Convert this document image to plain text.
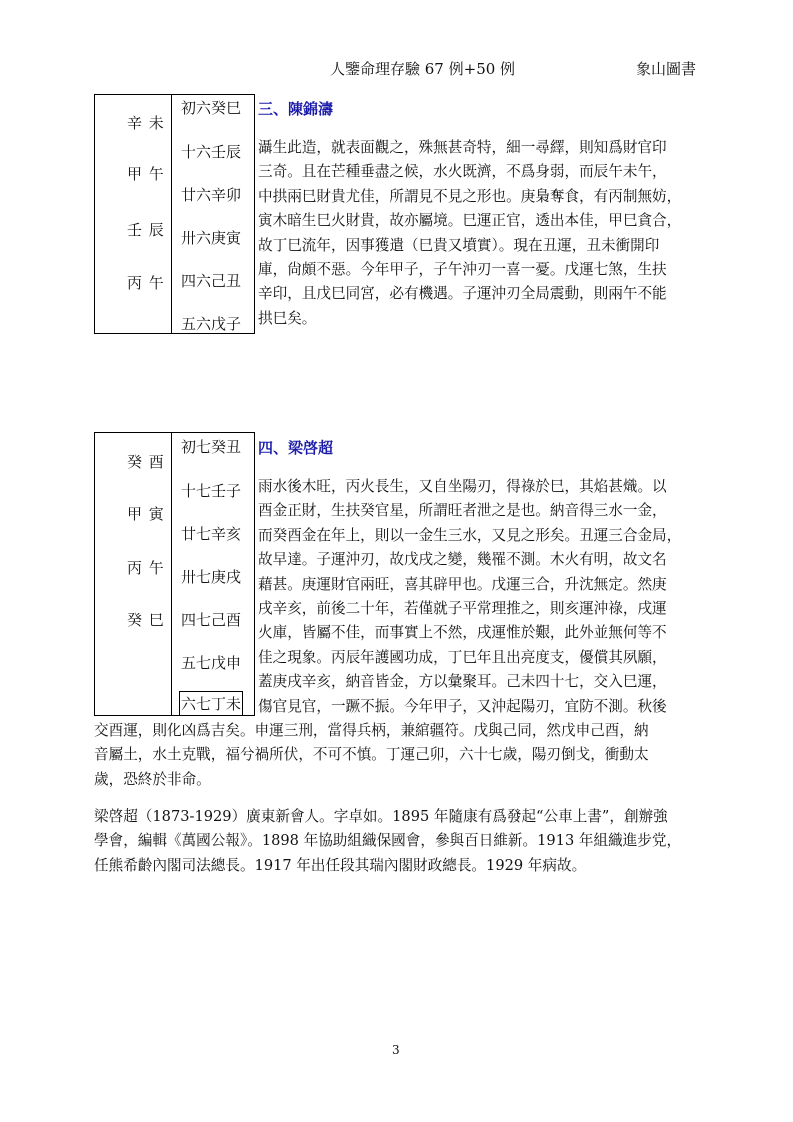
人鑒命理存驗 67 例+50 例	象山圖書
辛 未
甲 午
壬 辰
丙 午
初六癸巳
十六壬辰
廿六辛卯
卅六庚寅
四六己丑
五六戊子
三、陳錦濤
灄生此造，就表面觀之，殊無甚奇特，細一尋繹，則知爲財官印
三奇。且在芒種垂盡之候，水火既濟，不爲身弱，而辰午未午，
中拱兩巳財貴尤佳，所謂見不見之形也。庚梟奪食，有丙制無妨，
寅木暗生巳火財貴，故亦屬境。巳運正官，透出本佳，甲巳貪合，
故丁巳流年，因事獲遣（巳貴又墳實）。現在丑運，丑未衝開印
庫，尙頗不惡。今年甲子，子午沖刃一喜一憂。戊運七煞，生扶
辛印，且戊巳同宮，必有機遇。子運沖刃全局震動，則兩午不能
拱巳矣。
癸 酉
甲 寅
丙 午
癸 巳
初七癸丑
十七壬子
廿七辛亥
卅七庚戌
四七己酉
五七戊申
六七丁未
四、梁啓超
雨水後木旺，丙火長生，又自坐陽刃，得祿於巳，其焰甚熾。以
酉金正財，生扶癸官星，所謂旺者泄之是也。納音得三水一金，
而癸酉金在年上，則以一金生三水，又見之形矣。丑運三合金局，
故早達。子運沖刃，故戊戌之變，幾罹不測。木火有明，故文名
藉甚。庚運財官兩旺，喜其辟甲也。戊運三合，升沈無定。然庚
戌辛亥，前後二十年，若僅就子平常理推之，則亥運沖祿，戌運
火庫，皆屬不佳，而事實上不然，戌運惟於艱，此外並無何等不
佳之現象。丙辰年護國功成，丁巳年且出亮度支，優償其夙願，
蓋庚戌辛亥，納音皆金，方以彙聚耳。己未四十七，交入巳運，
傷官見官，一蹶不振。今年甲子，又沖起陽刃，宜防不測。秋後
交酉運，則化凶爲吉矣。申運三刑，當得兵柄，兼綰疆符。戊與己同，然戊申己酉，納
音屬土，水土克戰，福兮禍所伏，不可不慎。丁運己卯，六十七歲，陽刃倒戈，衝動太
歲，恐終於非命。
梁啓超（1873-1929）廣東新會人。字卓如。1895 年隨康有爲發起“公車上書”，創辦強
學會，編輯《萬國公報》。1898 年協助組織保國會，參與百日維新。1913 年組織進步党，
任熊希齡內閣司法總長。1917 年出任段其瑞內閣財政總長。1929 年病故。
3
